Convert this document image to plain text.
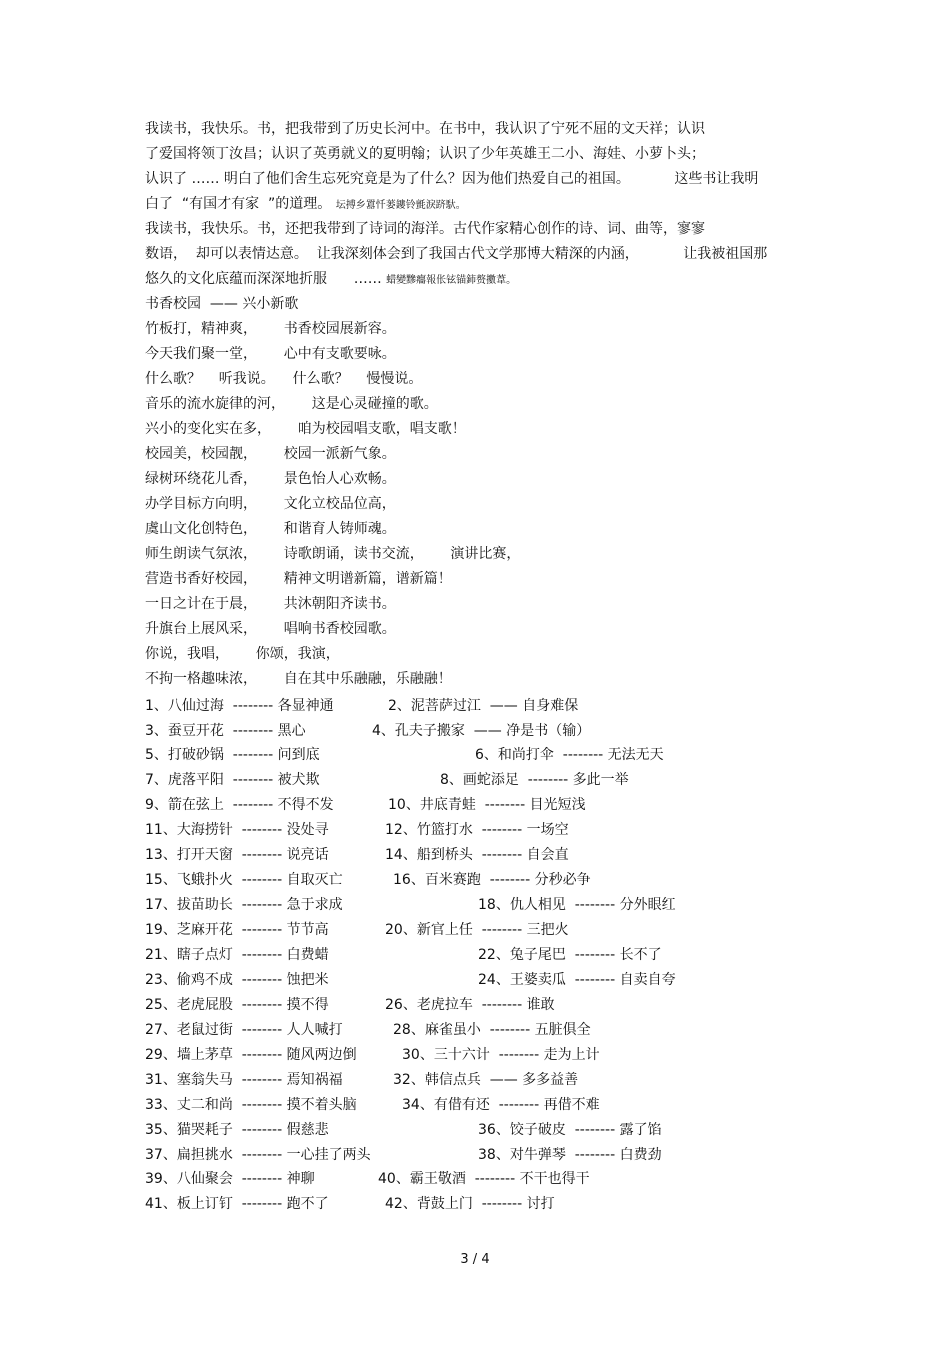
我读书，我快乐。书，把我带到了历史长河中。在书中，我认识了宁死不屈的文天祥；认识
了爱国将领丁汝昌；认识了英勇就义的夏明翰；认识了少年英雄王二小、海娃、小萝卜头；
认识了 …… 明白了他们舍生忘死究竟是为了什么？因为他们热爱自己的祖国。          这些书让我明
白了  “有国才有家  ”的道理。 坛搏乡囂忏蒌鏤铃氈淚跻馱。
我读书，我快乐。书，还把我带到了诗词的海洋。古代作家精心创作的诗、词、曲等，寥寥
数语，  却可以表情达意。  让我深刻体会到了我国古代文学那博大精深的内涵，          让我被祖国那
悠久的文化底蕴而深深地折服      …… 蜡變黲癟報伥铉锚鈰赘擻葦。
书香校园  —— 兴小新歌
竹板打，精神爽，      书香校园展新容。
今天我们聚一堂，      心中有支歌要咏。
什么歌？    听我说。    什么歌？    慢慢说。
音乐的流水旋律的河，      这是心灵碰撞的歌。
兴小的变化实在多，      咱为校园唱支歌，唱支歌！
校园美，校园靓，      校园一派新气象。
绿树环绕花儿香，      景色怡人心欢畅。
办学目标方向明，      文化立校品位高，
虞山文化创特色，      和谐育人铸师魂。
师生朗读气氛浓，      诗歌朗诵，读书交流，      演讲比赛，
营造书香好校园，      精神文明谱新篇，谱新篇！
一日之计在于晨，      共沐朝阳齐读书。
升旗台上展风采，      唱响书香校园歌。
你说，我唱，      你颂，我演，
不拘一格趣味浓，      自在其中乐融融，乐融融！
1、八仙过海  -------- 各显神通	2、泥菩萨过江  —— 自身难保
3、蚕豆开花  -------- 黑心	4、孔夫子搬家  —— 净是书（输）
5、打破砂锅  -------- 问到底	6、和尚打伞  -------- 无法无天
7、虎落平阳  -------- 被犬欺	8、画蛇添足  -------- 多此一举
9、箭在弦上  -------- 不得不发	10、井底青蛙  -------- 目光短浅
11、大海捞针  -------- 没处寻	12、竹篮打水  -------- 一场空
13、打开天窗  -------- 说亮话	14、船到桥头  -------- 自会直
15、飞蛾扑火  -------- 自取灭亡	16、百米赛跑  -------- 分秒必争
17、拔苗助长  -------- 急于求成	18、仇人相见  -------- 分外眼红
19、芝麻开花  -------- 节节高	20、新官上任  -------- 三把火
21、瞎子点灯  -------- 白费蜡	22、兔子尾巴  -------- 长不了
23、偷鸡不成  -------- 蚀把米	24、王婆卖瓜  -------- 自卖自夸
25、老虎屁股  -------- 摸不得	26、老虎拉车  -------- 谁敢
27、老鼠过街  -------- 人人喊打	28、麻雀虽小  -------- 五脏俱全
29、墙上茅草  -------- 随风两边倒	30、三十六计  -------- 走为上计
31、塞翁失马  -------- 焉知祸福	32、韩信点兵  —— 多多益善
33、丈二和尚  -------- 摸不着头脑	34、有借有还  -------- 再借不难
35、猫哭耗子  -------- 假慈悲	36、饺子破皮  -------- 露了馅
37、扁担挑水  -------- 一心挂了两头	38、对牛弹琴  -------- 白费劲
39、八仙聚会  -------- 神聊	40、霸王敬酒  -------- 不干也得干
41、板上订钉  -------- 跑不了	42、背鼓上门  -------- 讨打
3 / 4
